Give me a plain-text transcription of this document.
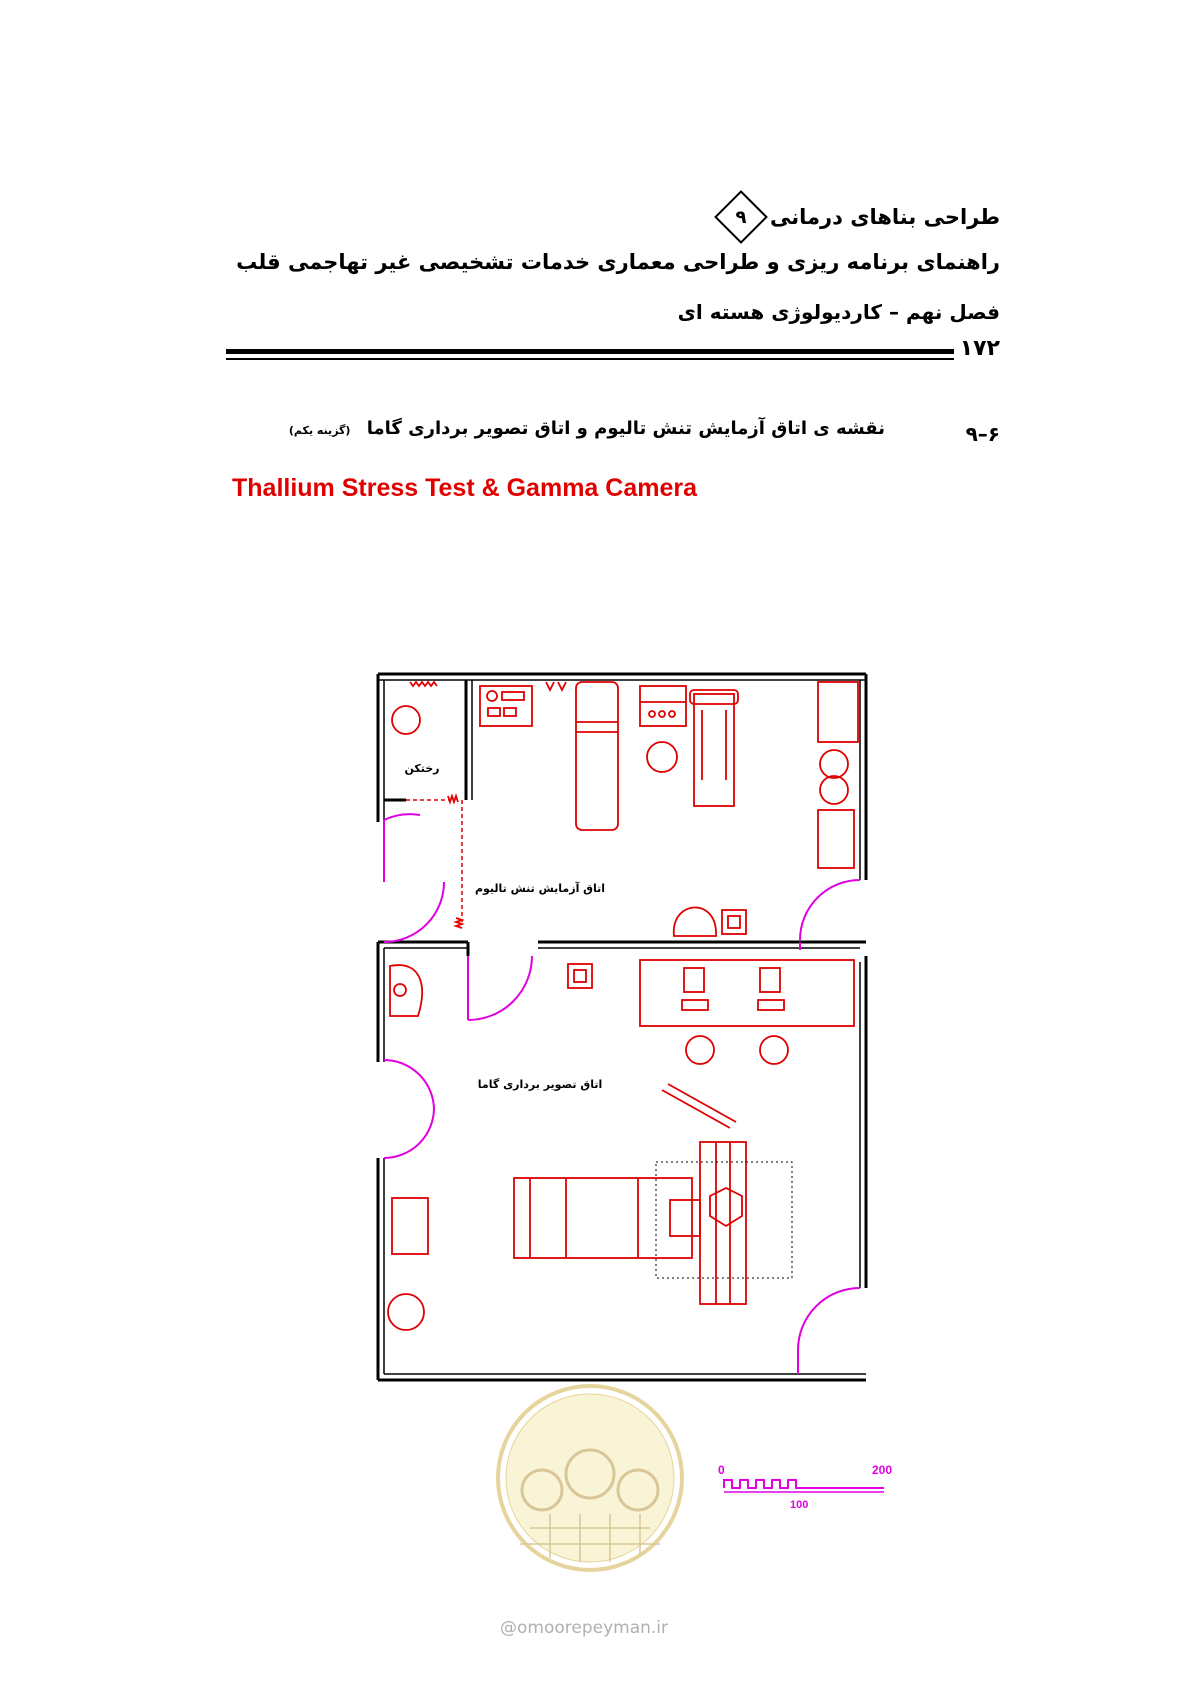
طراحی بناهای درمانی
۹
راهنمای برنامه ریزی و طراحی معماری خدمات تشخیصی غیر تهاجمی قلب
فصل نهم – کاردیولوژی هسته ای
۱۷۲
۹–۶
نقشه ی اتاق آزمایش تنش تالیوم و اتاق تصویر برداری گاما (گزینه یکم)
Thallium Stress Test & Gamma Camera
رختکن
اتاق آزمایش تنش تالیوم
اتاق تصویر برداری گاما
0	200
100
@omoorepeyman.ir
